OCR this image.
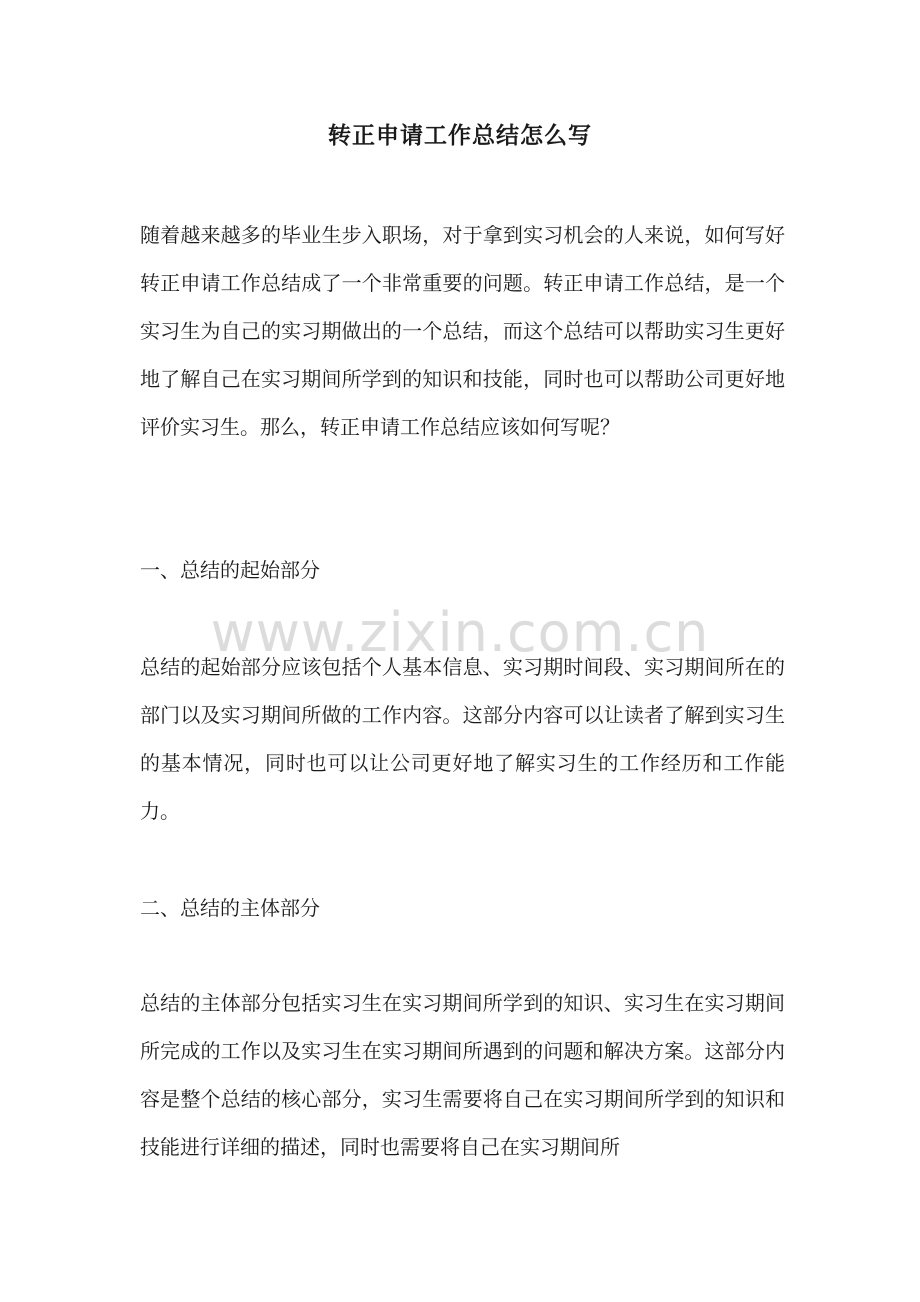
转正申请工作总结怎么写
随着越来越多的毕业生步入职场，对于拿到实习机会的人来说，如何写好转正申请工作总结成了一个非常重要的问题。转正申请工作总结，是一个实习生为自己的实习期做出的一个总结，而这个总结可以帮助实习生更好地了解自己在实习期间所学到的知识和技能，同时也可以帮助公司更好地评价实习生。那么，转正申请工作总结应该如何写呢？
一、总结的起始部分
总结的起始部分应该包括个人基本信息、实习期时间段、实习期间所在的部门以及实习期间所做的工作内容。这部分内容可以让读者了解到实习生的基本情况，同时也可以让公司更好地了解实习生的工作经历和工作能力。
二、总结的主体部分
总结的主体部分包括实习生在实习期间所学到的知识、实习生在实习期间所完成的工作以及实习生在实习期间所遇到的问题和解决方案。这部分内容是整个总结的核心部分，实习生需要将自己在实习期间所学到的知识和技能进行详细的描述，同时也需要将自己在实习期间所
www.zixin.com.cn
